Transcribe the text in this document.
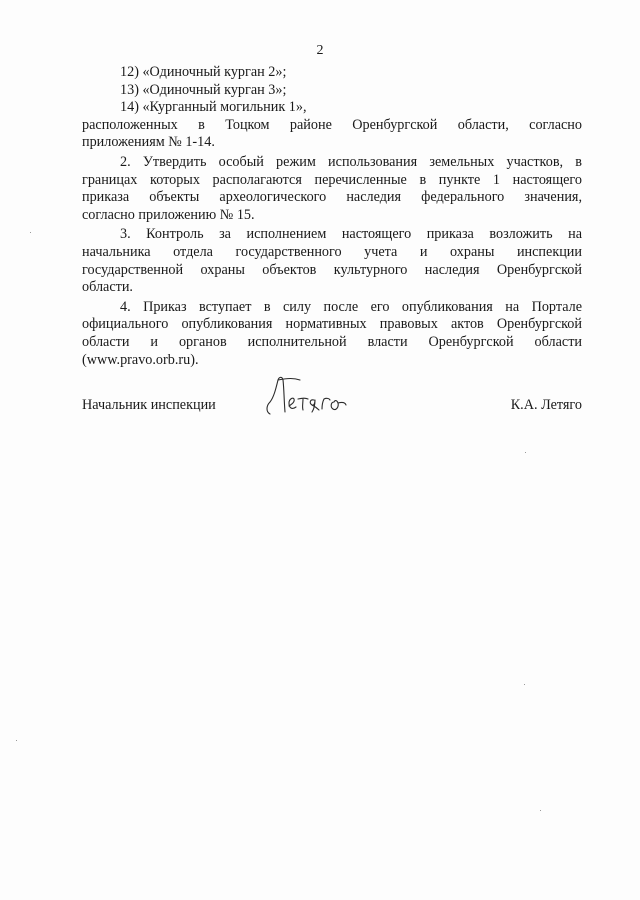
2
12) «Одиночный курган 2»;
13) «Одиночный курган 3»;
14) «Курганный могильник 1»,
расположенных в Тоцком районе Оренбургской области, согласно
приложениям № 1-14.
2. Утвердить особый режим использования земельных участков, в
границах которых располагаются перечисленные в пункте 1 настоящего
приказа объекты археологического наследия федерального значения,
согласно приложению № 15.
3. Контроль за исполнением настоящего приказа возложить на
начальника отдела государственного учета и охраны инспекции
государственной охраны объектов культурного наследия Оренбургской
области.
4. Приказ вступает в силу после его опубликования на Портале
официального опубликования нормативных правовых актов Оренбургской
области и органов исполнительной власти Оренбургской области
(www.pravo.orb.ru).
Начальник инспекции	К.А. Летяго
